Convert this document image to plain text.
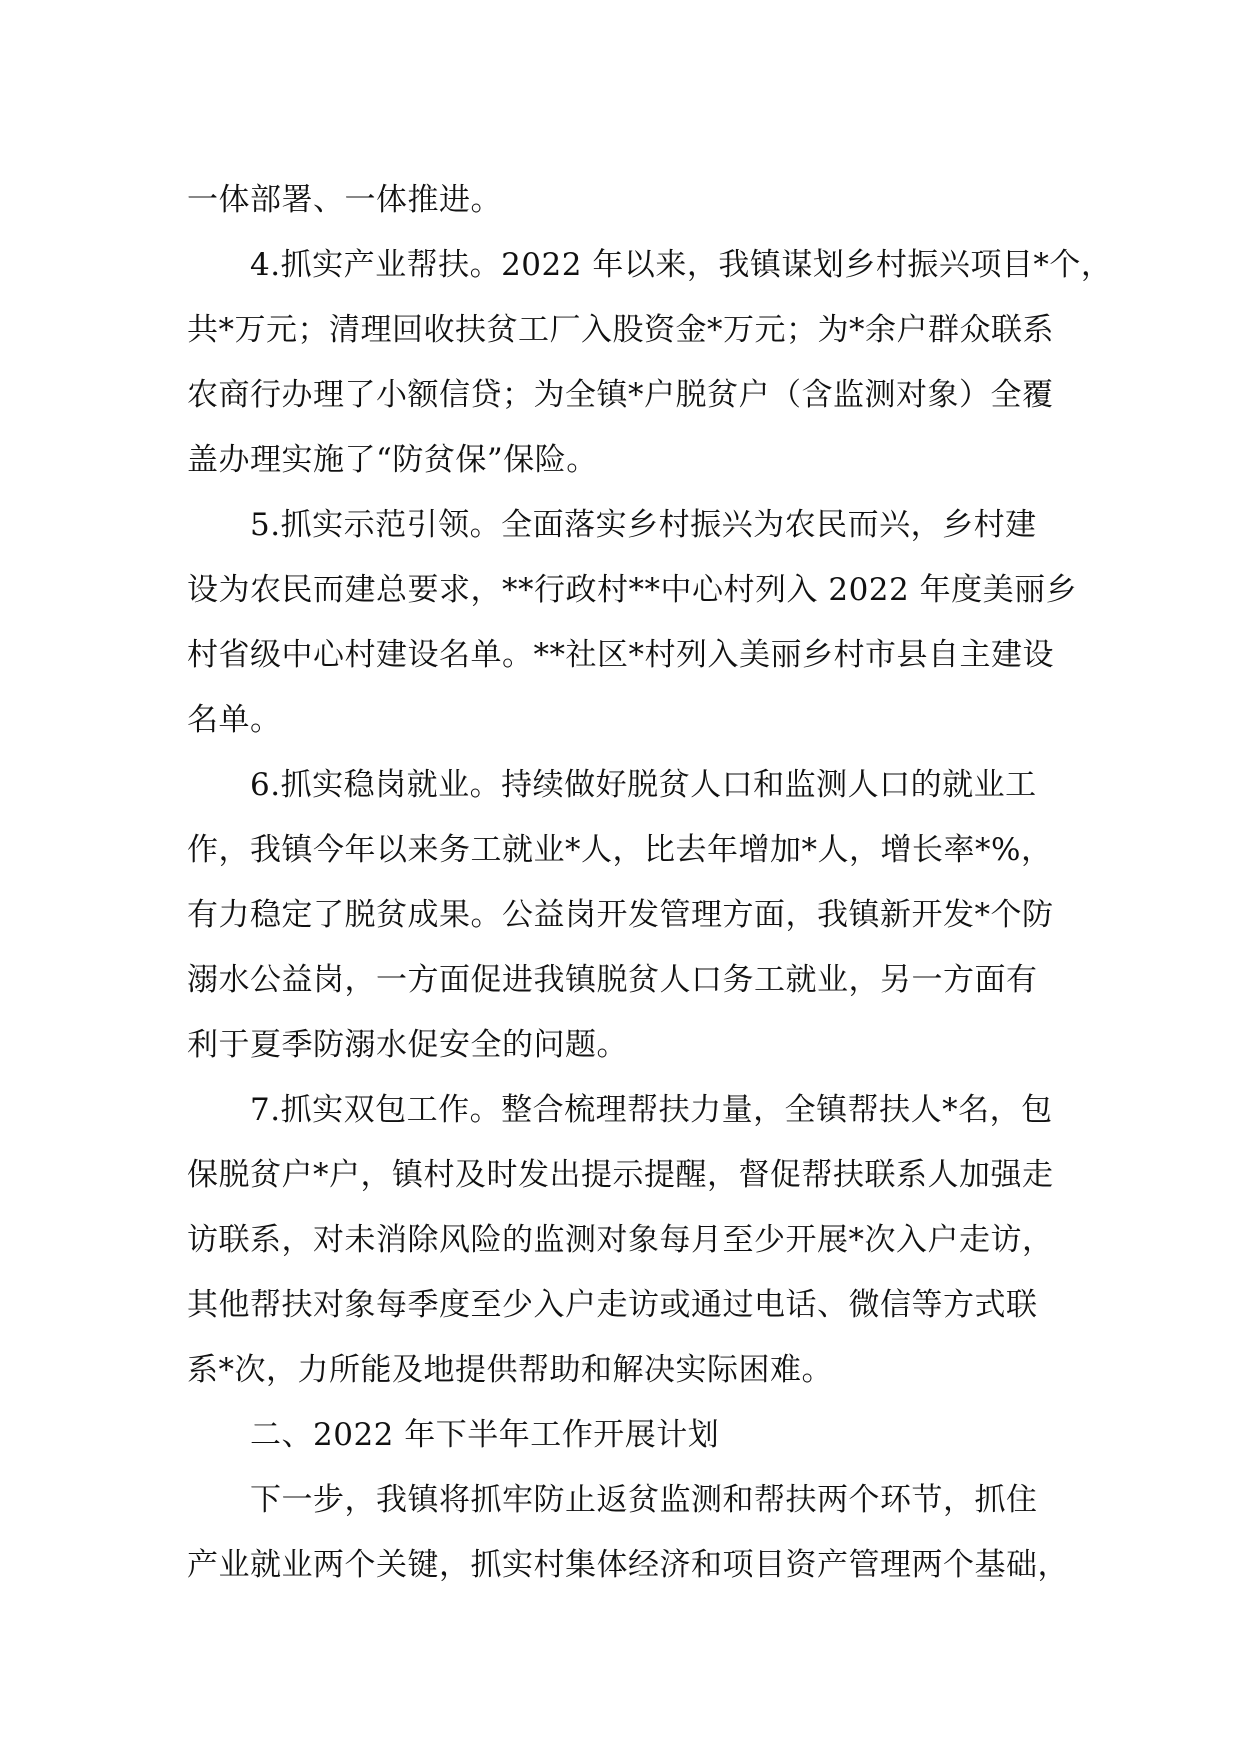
一体部署、一体推进。
4.抓实产业帮扶。2022 年以来，我镇谋划乡村振兴项目*个，
共*万元；清理回收扶贫工厂入股资金*万元；为*余户群众联系
农商行办理了小额信贷；为全镇*户脱贫户（含监测对象）全覆
盖办理实施了“防贫保”保险。
5.抓实示范引领。全面落实乡村振兴为农民而兴，乡村建
设为农民而建总要求，**行政村**中心村列入 2022 年度美丽乡
村省级中心村建设名单。**社区*村列入美丽乡村市县自主建设
名单。
6.抓实稳岗就业。持续做好脱贫人口和监测人口的就业工
作，我镇今年以来务工就业*人，比去年增加*人，增长率*%，
有力稳定了脱贫成果。公益岗开发管理方面，我镇新开发*个防
溺水公益岗，一方面促进我镇脱贫人口务工就业，另一方面有
利于夏季防溺水促安全的问题。
7.抓实双包工作。整合梳理帮扶力量，全镇帮扶人*名，包
保脱贫户*户，镇村及时发出提示提醒，督促帮扶联系人加强走
访联系，对未消除风险的监测对象每月至少开展*次入户走访，
其他帮扶对象每季度至少入户走访或通过电话、微信等方式联
系*次，力所能及地提供帮助和解决实际困难。
二、2022 年下半年工作开展计划
下一步，我镇将抓牢防止返贫监测和帮扶两个环节，抓住
产业就业两个关键，抓实村集体经济和项目资产管理两个基础，
